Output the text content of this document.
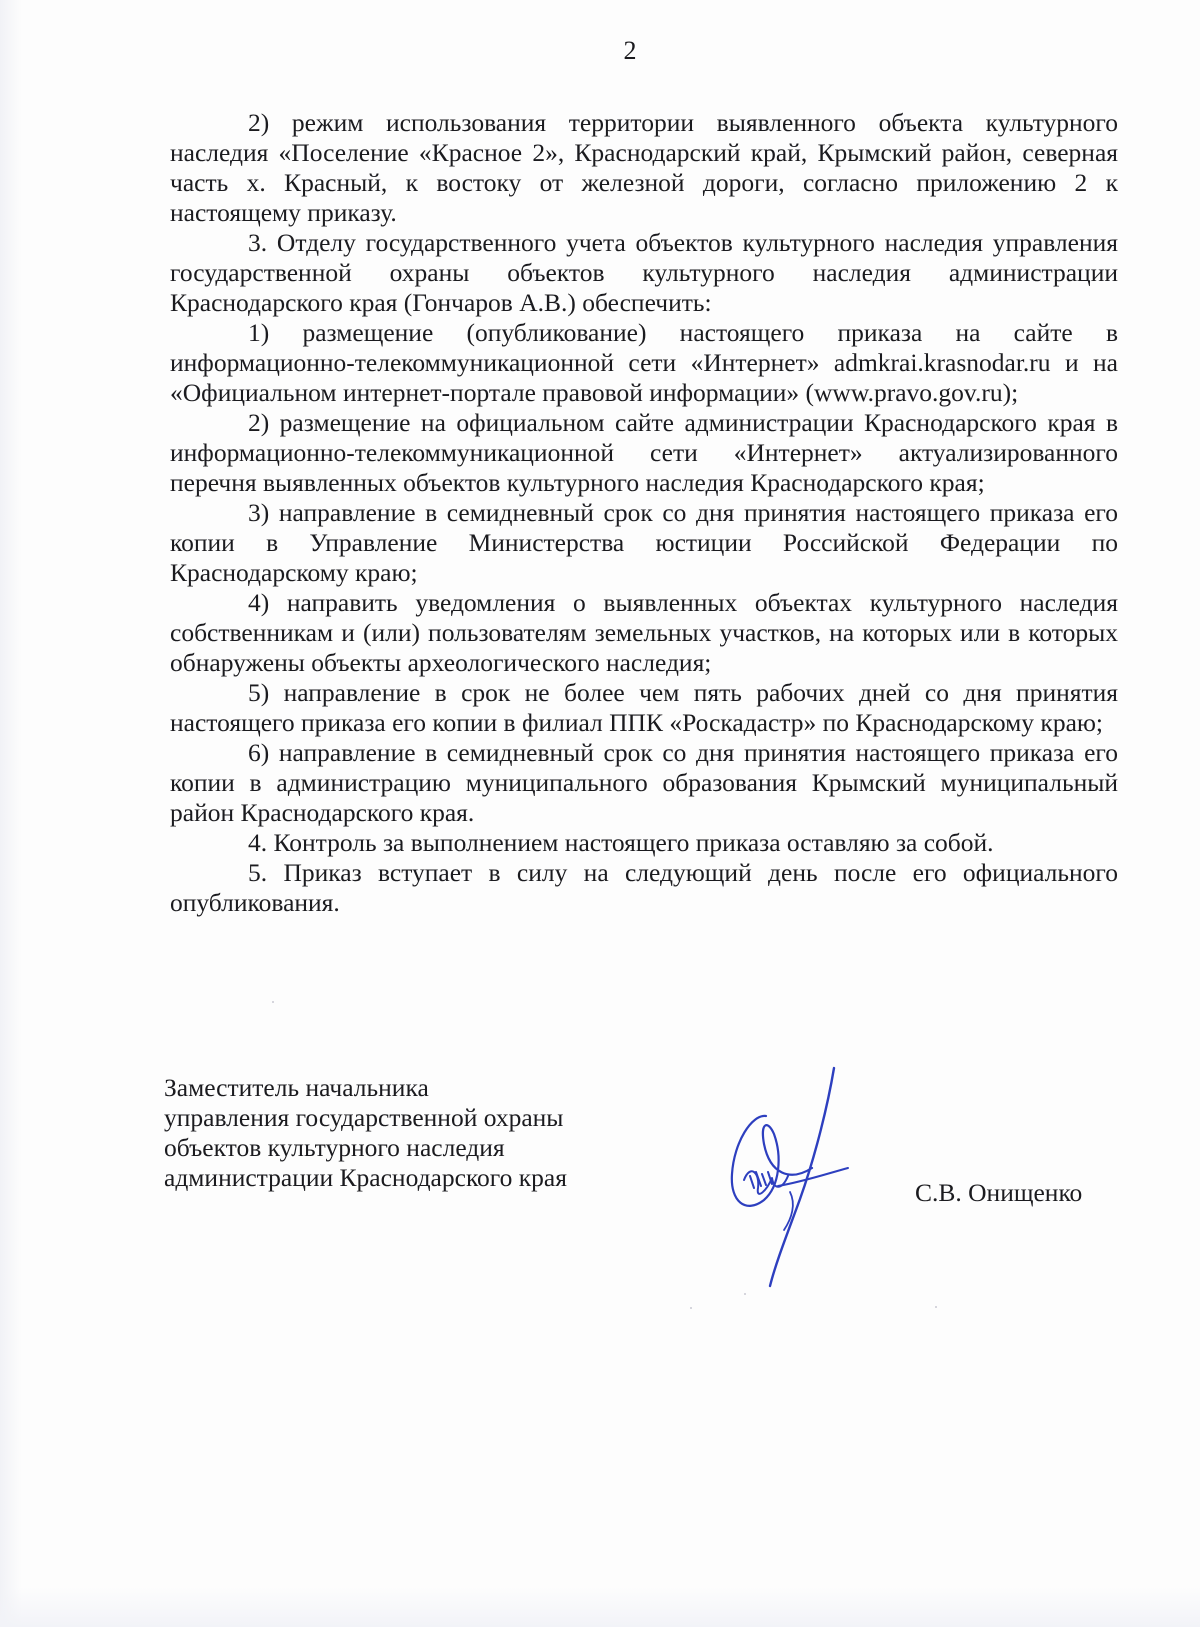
2

2) режим использования территории выявленного объекта культурного наследия «Поселение «Красное 2», Краснодарский край, Крымский район, северная часть х. Красный, к востоку от железной дороги, согласно приложению 2 к настоящему приказу.

3. Отделу государственного учета объектов культурного наследия управления государственной охраны объектов культурного наследия администрации Краснодарского края (Гончаров А.В.) обеспечить:

1) размещение (опубликование) настоящего приказа на сайте в информационно-телекоммуникационной сети «Интернет» admkrai.krasnodar.ru и на «Официальном интернет-портале правовой информации» (www.pravo.gov.ru);

2) размещение на официальном сайте администрации Краснодарского края в информационно-телекоммуникационной сети «Интернет» актуализированного перечня выявленных объектов культурного наследия Краснодарского края;

3) направление в семидневный срок со дня принятия настоящего приказа его копии в Управление Министерства юстиции Российской Федерации по Краснодарскому краю;

4) направить уведомления о выявленных объектах культурного наследия собственникам и (или) пользователям земельных участков, на которых или в которых обнаружены объекты археологического наследия;

5) направление в срок не более чем пять рабочих дней со дня принятия настоящего приказа его копии в филиал ППК «Роскадастр» по Краснодарскому краю;

6) направление в семидневный срок со дня принятия настоящего приказа его копии в администрацию муниципального образования Крымский муниципальный район Краснодарского края.

4. Контроль за выполнением настоящего приказа оставляю за собой.

5. Приказ вступает в силу на следующий день после его официального опубликования.

Заместитель начальника
управления государственной охраны
объектов культурного наследия
администрации Краснодарского края
С.В. Онищенко
